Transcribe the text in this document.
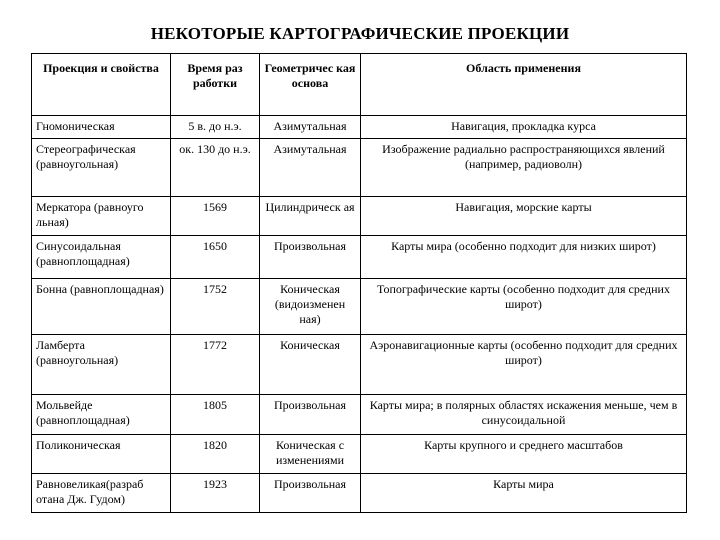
НЕКОТОРЫЕ КАРТОГРАФИЧЕСКИЕ ПРОЕКЦИИ
Проекция и свойства	Время раз работки	Геометричес кая основа	Область применения
Гномоническая	5 в. до н.э.	Азимутальная	Навигация, прокладка курса
Стереографическая (равноугольная)	ок. 130 до н.э.	Азимутальная	Изображение радиально распространяющихся явлений (например, радиоволн)
Меркатора (равноуго льная)	1569	Цилиндрическ ая	Навигация, морские карты
Синусоидальная (равноплощадная)	1650	Произвольная	Карты мира (особенно подходит для низких широт)
Бонна (равноплощадная)	1752	Коническая (видоизменен ная)	Топографические карты (особенно подходит для средних широт)
Ламберта (равноугольная)	1772	Коническая	Аэронавигационные карты (особенно подходит для средних широт)
Мольвейде (равноплощадная)	1805	Произвольная	Карты мира; в полярных областях искажения меньше, чем в синусоидальной
Поликоническая	1820	Коническая с изменениями	Карты крупного и среднего масштабов
Равновеликая(разраб отана Дж. Гудом)	1923	Произвольная	Карты мира
